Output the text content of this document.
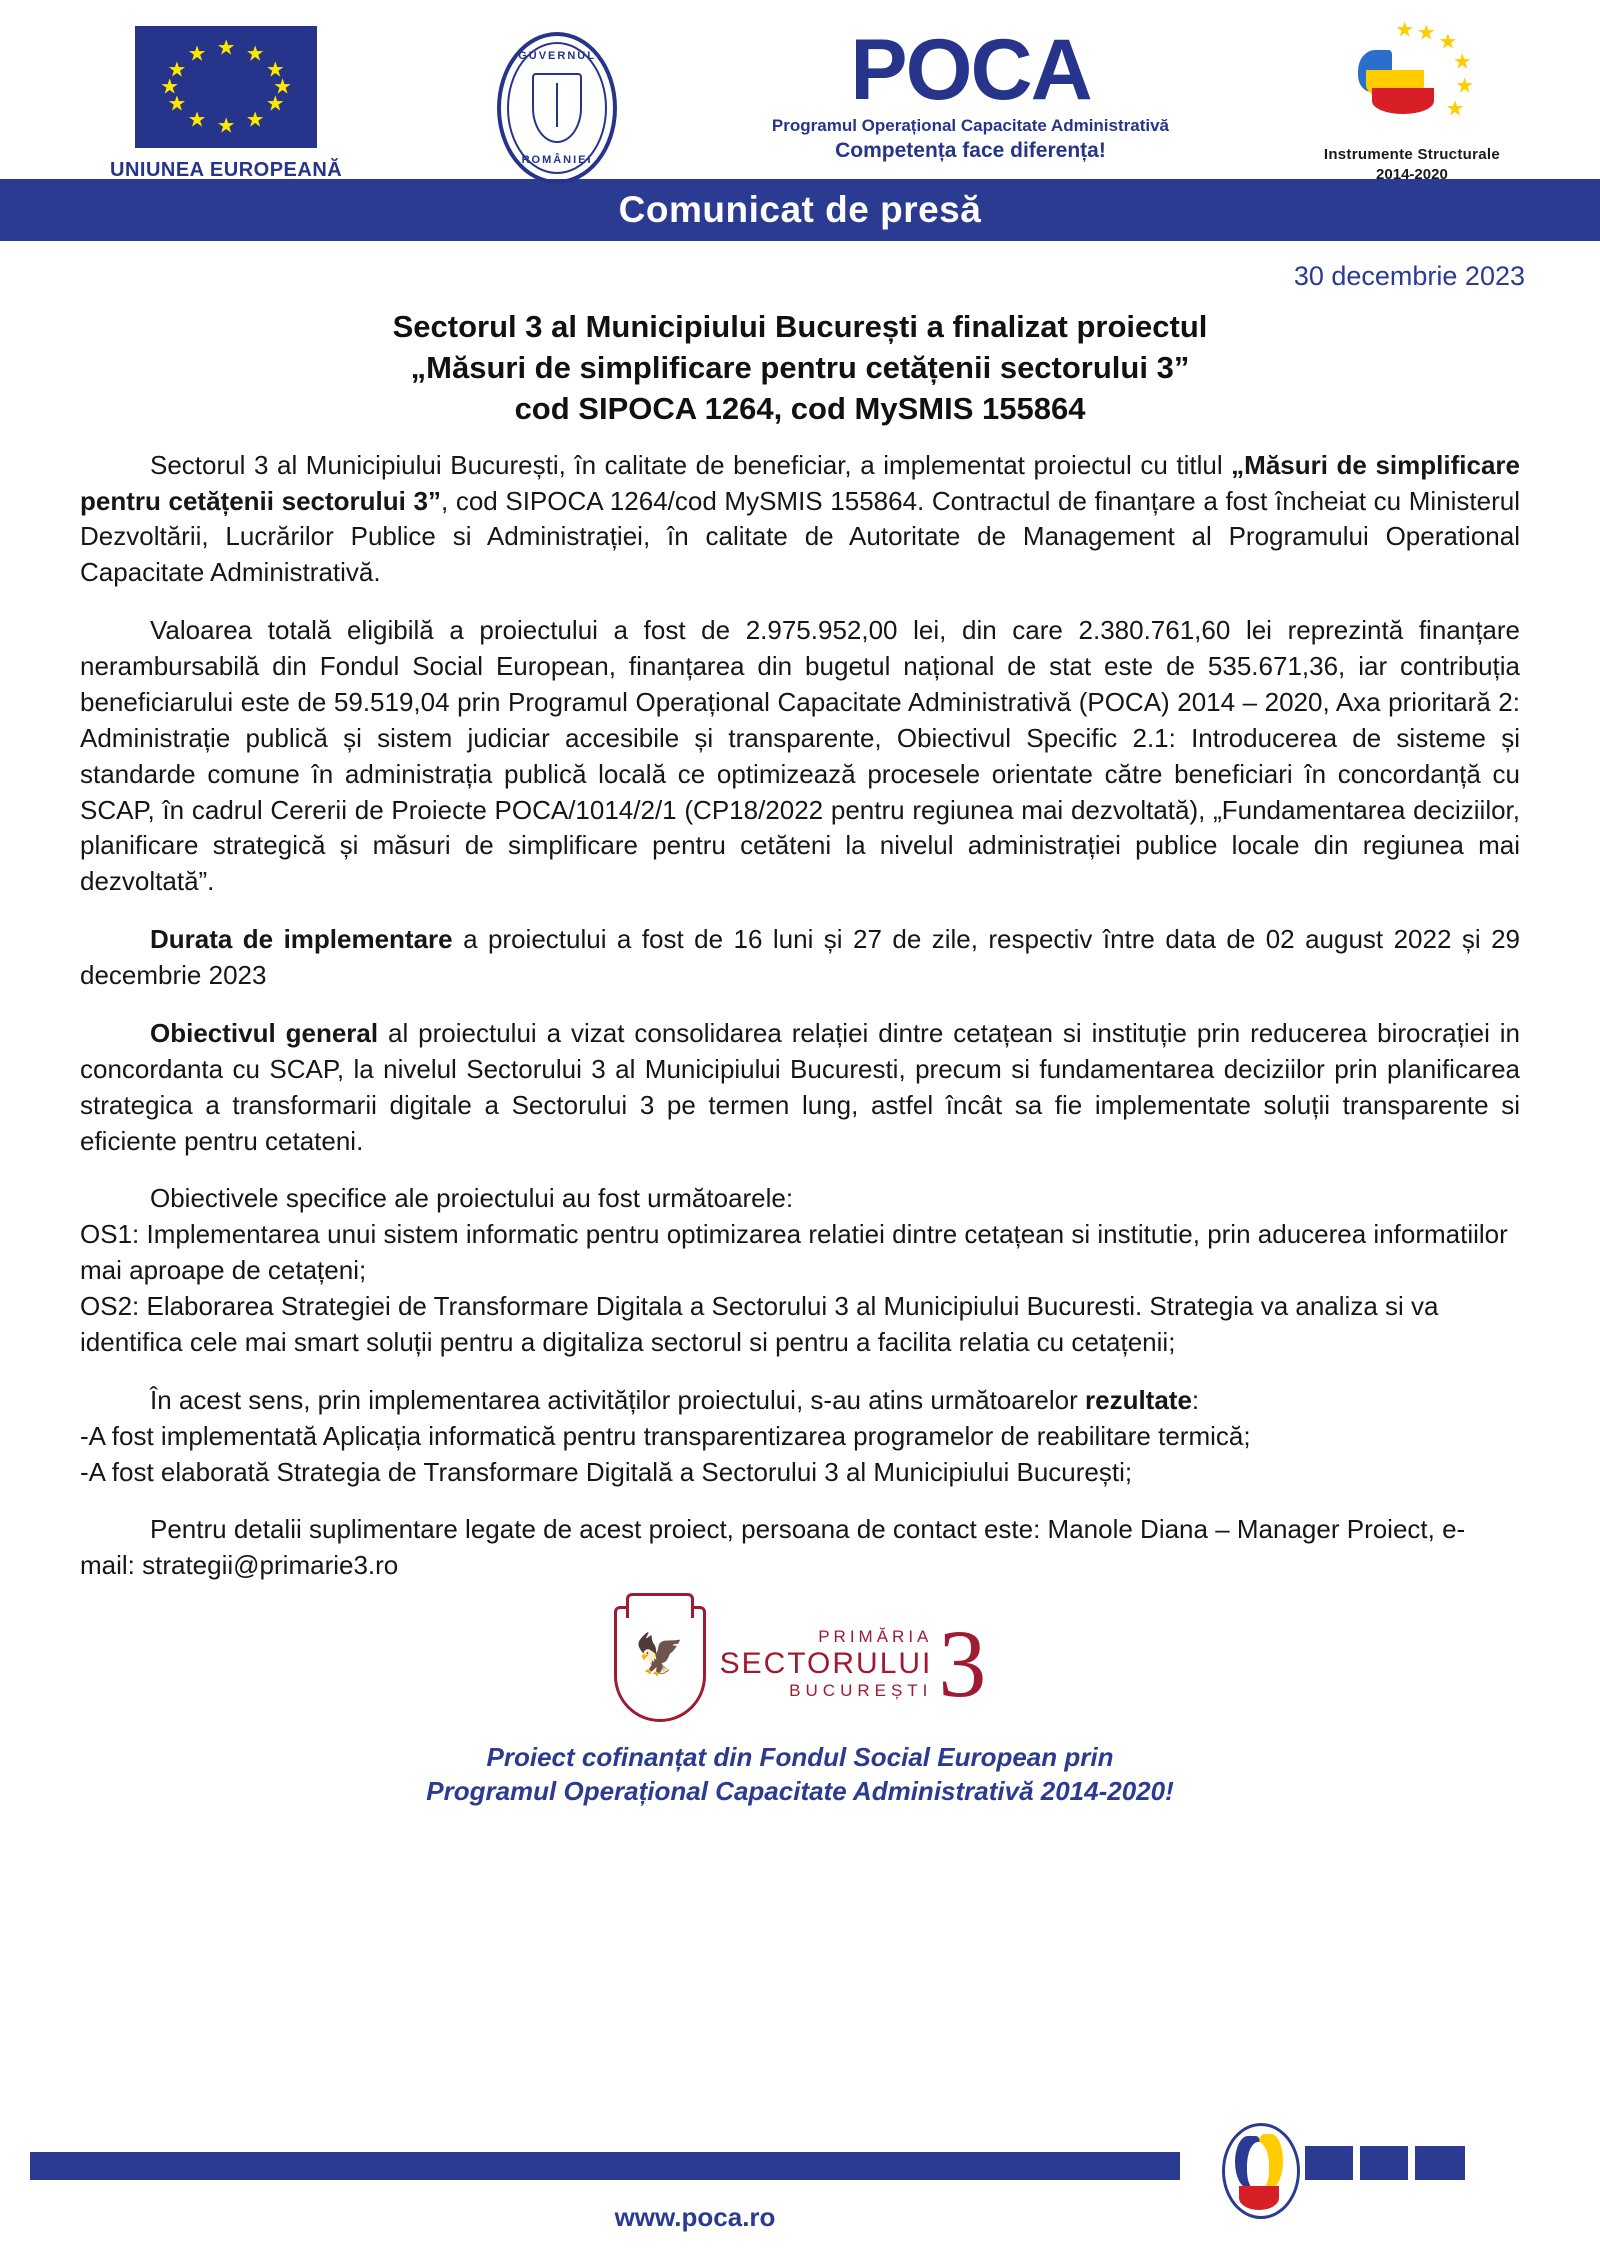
★ ★
★
★
★
★
★
★
★
★
★
★
UNIUNEA EUROPEANĂ
GUVERNUL
ROMÂNIEI
POCA
Programul Operațional Capacitate Administrativă
Competența face diferența!
★ ★
★
★
★
★
Instrumente Structurale
2014-2020
Comunicat de presă
30 decembrie 2023
Sectorul 3 al Municipiului București a finalizat proiectul
„Măsuri de simplificare pentru cetățenii sectorului 3”
cod SIPOCA 1264, cod MySMIS 155864

Sectorul 3 al Municipiului București, în calitate de beneficiar, a implementat proiectul cu titlul „Măsuri de simplificare pentru cetățenii sectorului 3”, cod SIPOCA 1264/cod MySMIS 155864. Contractul de finanțare a fost încheiat cu Ministerul Dezvoltării, Lucrărilor Publice si Administrației, în calitate de Autoritate de Management al Programului Operational Capacitate Administrativă.

Valoarea totală eligibilă a proiectului a fost de 2.975.952,00 lei, din care 2.380.761,60 lei reprezintă finanțare nerambursabilă din Fondul Social European, finanțarea din bugetul național de stat este de 535.671,36, iar contribuția beneficiarului este de 59.519,04 prin Programul Operațional Capacitate Administrativă (POCA) 2014 – 2020, Axa prioritară 2: Administrație publică și sistem judiciar accesibile și transparente, Obiectivul Specific 2.1: Introducerea de sisteme și standarde comune în administrația publică locală ce optimizează procesele orientate către beneficiari în concordanță cu SCAP, în cadrul Cererii de Proiecte POCA/1014/2/1 (CP18/2022 pentru regiunea mai dezvoltată), „Fundamentarea deciziilor, planificare strategică și măsuri de simplificare pentru cetăteni la nivelul administrației publice locale din regiunea mai dezvoltată”.

Durata de implementare a proiectului a fost de 16 luni și 27 de zile, respectiv între data de 02 august 2022 și 29 decembrie 2023

Obiectivul general al proiectului a vizat consolidarea relației dintre cetațean si instituție prin reducerea birocrației in concordanta cu SCAP, la nivelul Sectorului 3 al Municipiului Bucuresti, precum si fundamentarea deciziilor prin planificarea strategica a transformarii digitale a Sectorului 3 pe termen lung, astfel încât sa fie implementate soluții transparente si eficiente pentru cetateni.

Obiectivele specifice ale proiectului au fost următoarele:

OS1: Implementarea unui sistem informatic pentru optimizarea relatiei dintre cetațean si institutie, prin aducerea informatiilor mai aproape de cetațeni;

OS2: Elaborarea Strategiei de Transformare Digitala a Sectorului 3 al Municipiului Bucuresti. Strategia va analiza si va identifica cele mai smart soluții pentru a digitaliza sectorul si pentru a facilita relatia cu cetațenii;

În acest sens, prin implementarea activităților proiectului, s-au atins următoarelor rezultate:

-A fost implementată Aplicația informatică pentru transparentizarea programelor de reabilitare termică;

-A fost elaborată Strategia de Transformare Digitală a Sectorului 3 al Municipiului București;

Pentru detalii suplimentare legate de acest proiect, persoana de contact este: Manole Diana – Manager Proiect, e-mail: strategii@primarie3.ro

🦅	PRIMĂRIA
SECTORULUI
BUCUREȘTI 3
Proiect cofinanțat din Fondul Social European prin
Programul Operațional Capacitate Administrativă 2014-2020!
www.poca.ro
